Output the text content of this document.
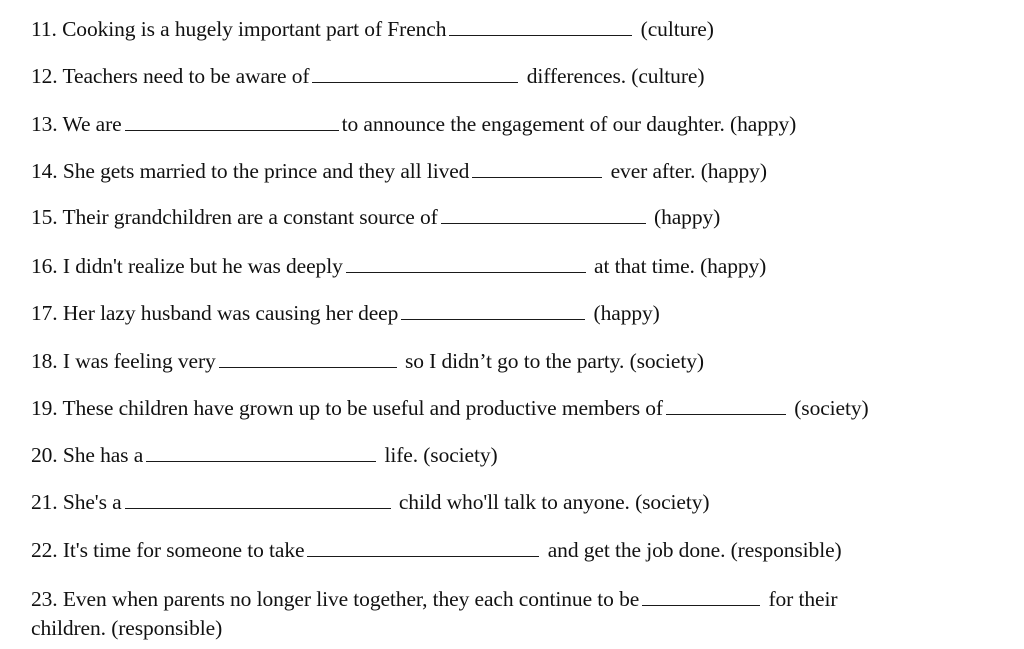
11. Cooking is a hugely important part of French	(culture)
12. Teachers need to be aware of	differences. (culture)
13. We are	to announce the engagement of our daughter. (happy)
14. She gets married to the prince and they all lived	ever after. (happy)
15. Their grandchildren are a constant source of	(happy)
16. I didn't realize but he was deeply	at that time. (happy)
17. Her lazy husband was causing her deep	(happy)
18. I was feeling very	so I didn’t go to the party. (society)
19. These children have grown up to be useful and productive members of	(society)
20. She has a	life. (society)
21. She's a	child who'll talk to anyone. (society)
22. It's time for someone to take	and get the job done. (responsible)
23. Even when parents no longer live together, they each continue to be	for their
children. (responsible)
